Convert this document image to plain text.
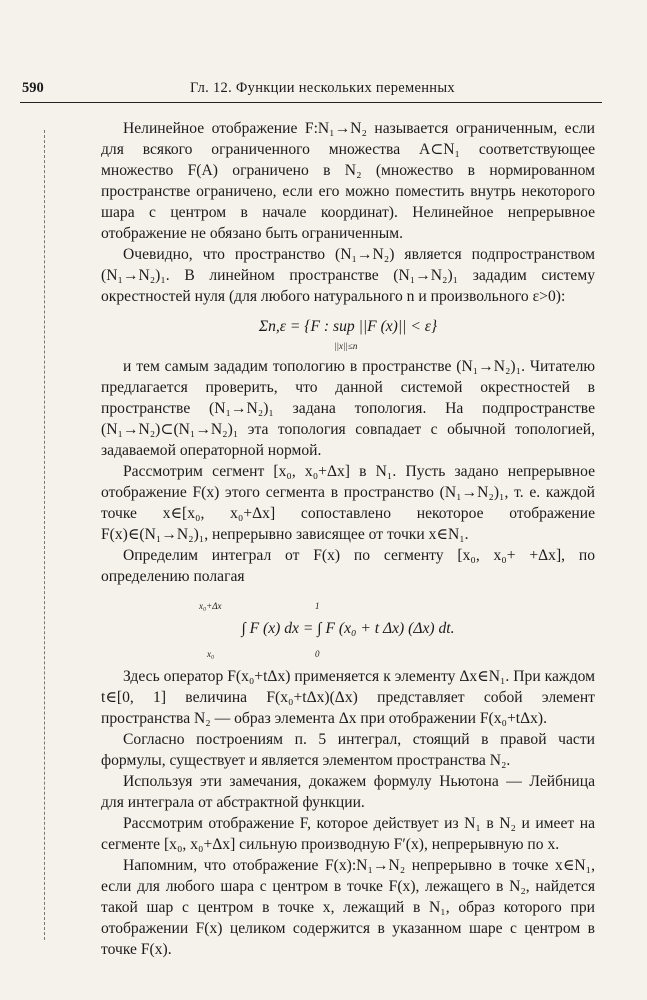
590	Гл. 12. Функции нескольких переменных

Нелинейное отображение F:N₁→N₂ называется ограниченным, если для всякого ограниченного множества A⊂N₁ соответствующее множество F(A) ограничено в N₂ (множество в нормированном пространстве ограничено, если его можно поместить внутрь некоторого шара с центром в начале координат). Нелинейное непрерывное отображение не обязано быть ограниченным.

Очевидно, что пространство (N₁→N₂) является подпространством (N₁→N₂)₁. В линейном пространстве (N₁→N₂)₁ зададим систему окрестностей нуля (для любого натурального n и произвольного ε>0):

Σn,ε = {F : sup ||F (x)|| < ε}
||x||≤n

и тем самым зададим топологию в пространстве (N₁→N₂)₁. Читателю предлагается проверить, что данной системой окрестностей в пространстве (N₁→N₂)₁ задана топология. На подпространстве (N₁→N₂)⊂(N₁→N₂)₁ эта топология совпадает с обычной топологией, задаваемой операторной нормой.

Рассмотрим сегмент [x₀, x₀+Δx] в N₁. Пусть задано непрерывное отображение F(x) этого сегмента в пространство (N₁→N₂)₁, т. е. каждой точке x∈[x₀, x₀+Δx] сопоставлено некоторое отображение F(x)∈(N₁→N₂)₁, непрерывно зависящее от точки x∈N₁.

Определим интеграл от F(x) по сегменту [x₀, x₀+ +Δx], по определению полагая

x₀+Δx
∫ F (x) dx = ∫ F (x₀ + t Δx) (Δx) dt.
x₀
1
0

Здесь оператор F(x₀+tΔx) применяется к элементу Δx∈N₁. При каждом t∈[0, 1] величина F(x₀+tΔx)(Δx) представляет собой элемент пространства N₂ — образ элемента Δx при отображении F(x₀+tΔx).

Согласно построениям п. 5 интеграл, стоящий в правой части формулы, существует и является элементом пространства N₂.

Используя эти замечания, докажем формулу Ньютона — Лейбница для интеграла от абстрактной функции.

Рассмотрим отображение F, которое действует из N₁ в N₂ и имеет на сегменте [x₀, x₀+Δx] сильную производную F′(x), непрерывную по x.

Напомним, что отображение F(x):N₁→N₂ непрерывно в точке x∈N₁, если для любого шара с центром в точке F(x), лежащего в N₂, найдется такой шар с центром в точке x, лежащий в N₁, образ которого при отображении F(x) целиком содержится в указанном шаре с центром в точке F(x).
